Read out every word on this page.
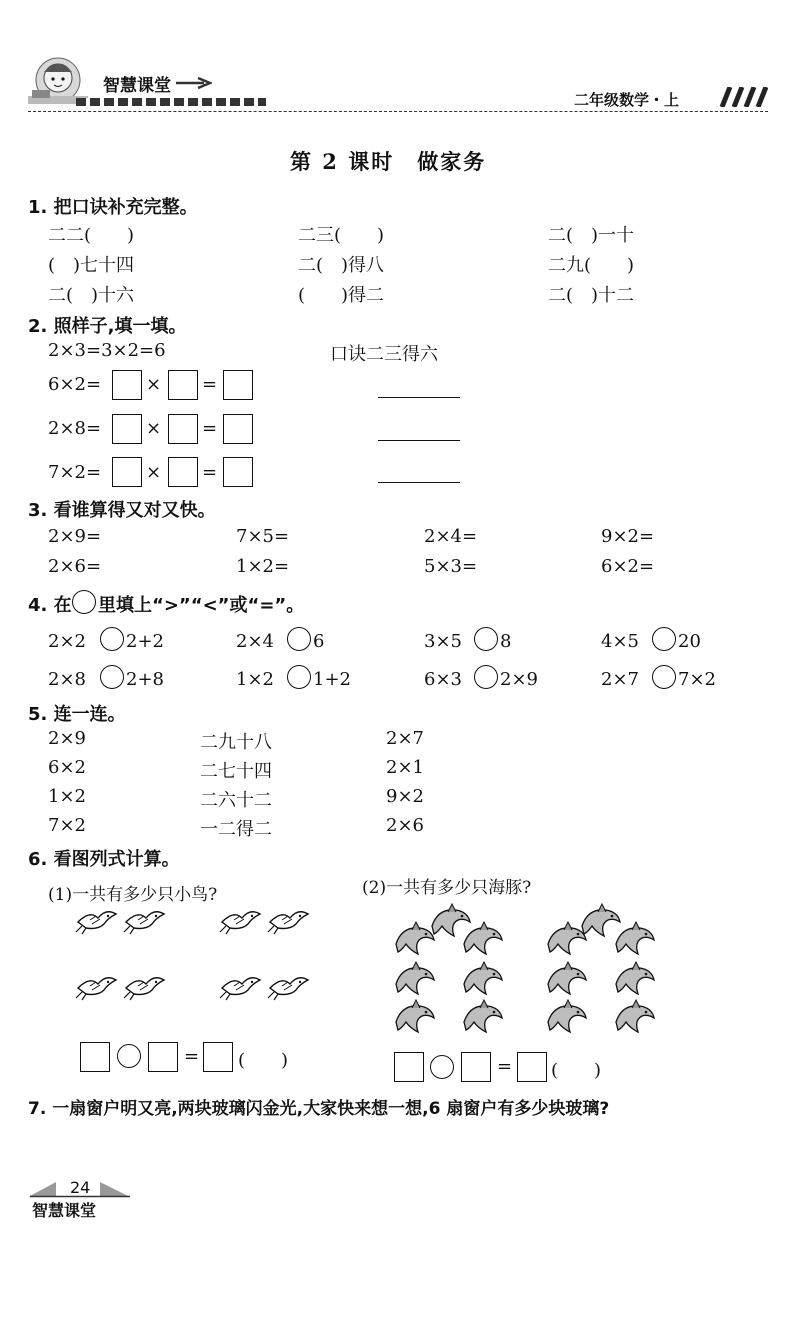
智慧课堂
二年级数学・上
第 2 课时　做家务
1. 把口诀补充完整。
二二(　　)	二三(　　)	二(　)一十
(　)七十四	二(　)得八	二九(　　)
二(　)十六	(　　)得二	二(　)十二
2. 照样子,填一填。
2×3=3×2=6	口诀二三得六
6×2= × =
2×8= × =
7×2= × =
3. 看谁算得又对又快。
2×9=	7×5=	2×4=	9×2=
2×6=	1×2=	5×3=	6×2=
4. 在 里填上“>”“<”或“=”。
2×2 2+2	2×4 6	3×5 8	4×5 20
2×8 2+8	1×2 1+2	6×3 2×9	2×7 7×2
5. 连一连。
2×9	二九十八	2×7
6×2	二七十四	2×1
1×2	二六十二	9×2
7×2	一二得二	2×6
6. 看图列式计算。
(1)一共有多少只小鸟?	(2)一共有多少只海豚?
= (　　)	= (　　)
7. 一扇窗户明又亮,两块玻璃闪金光,大家快来想一想,6 扇窗户有多少块玻璃?
24
智慧课堂
